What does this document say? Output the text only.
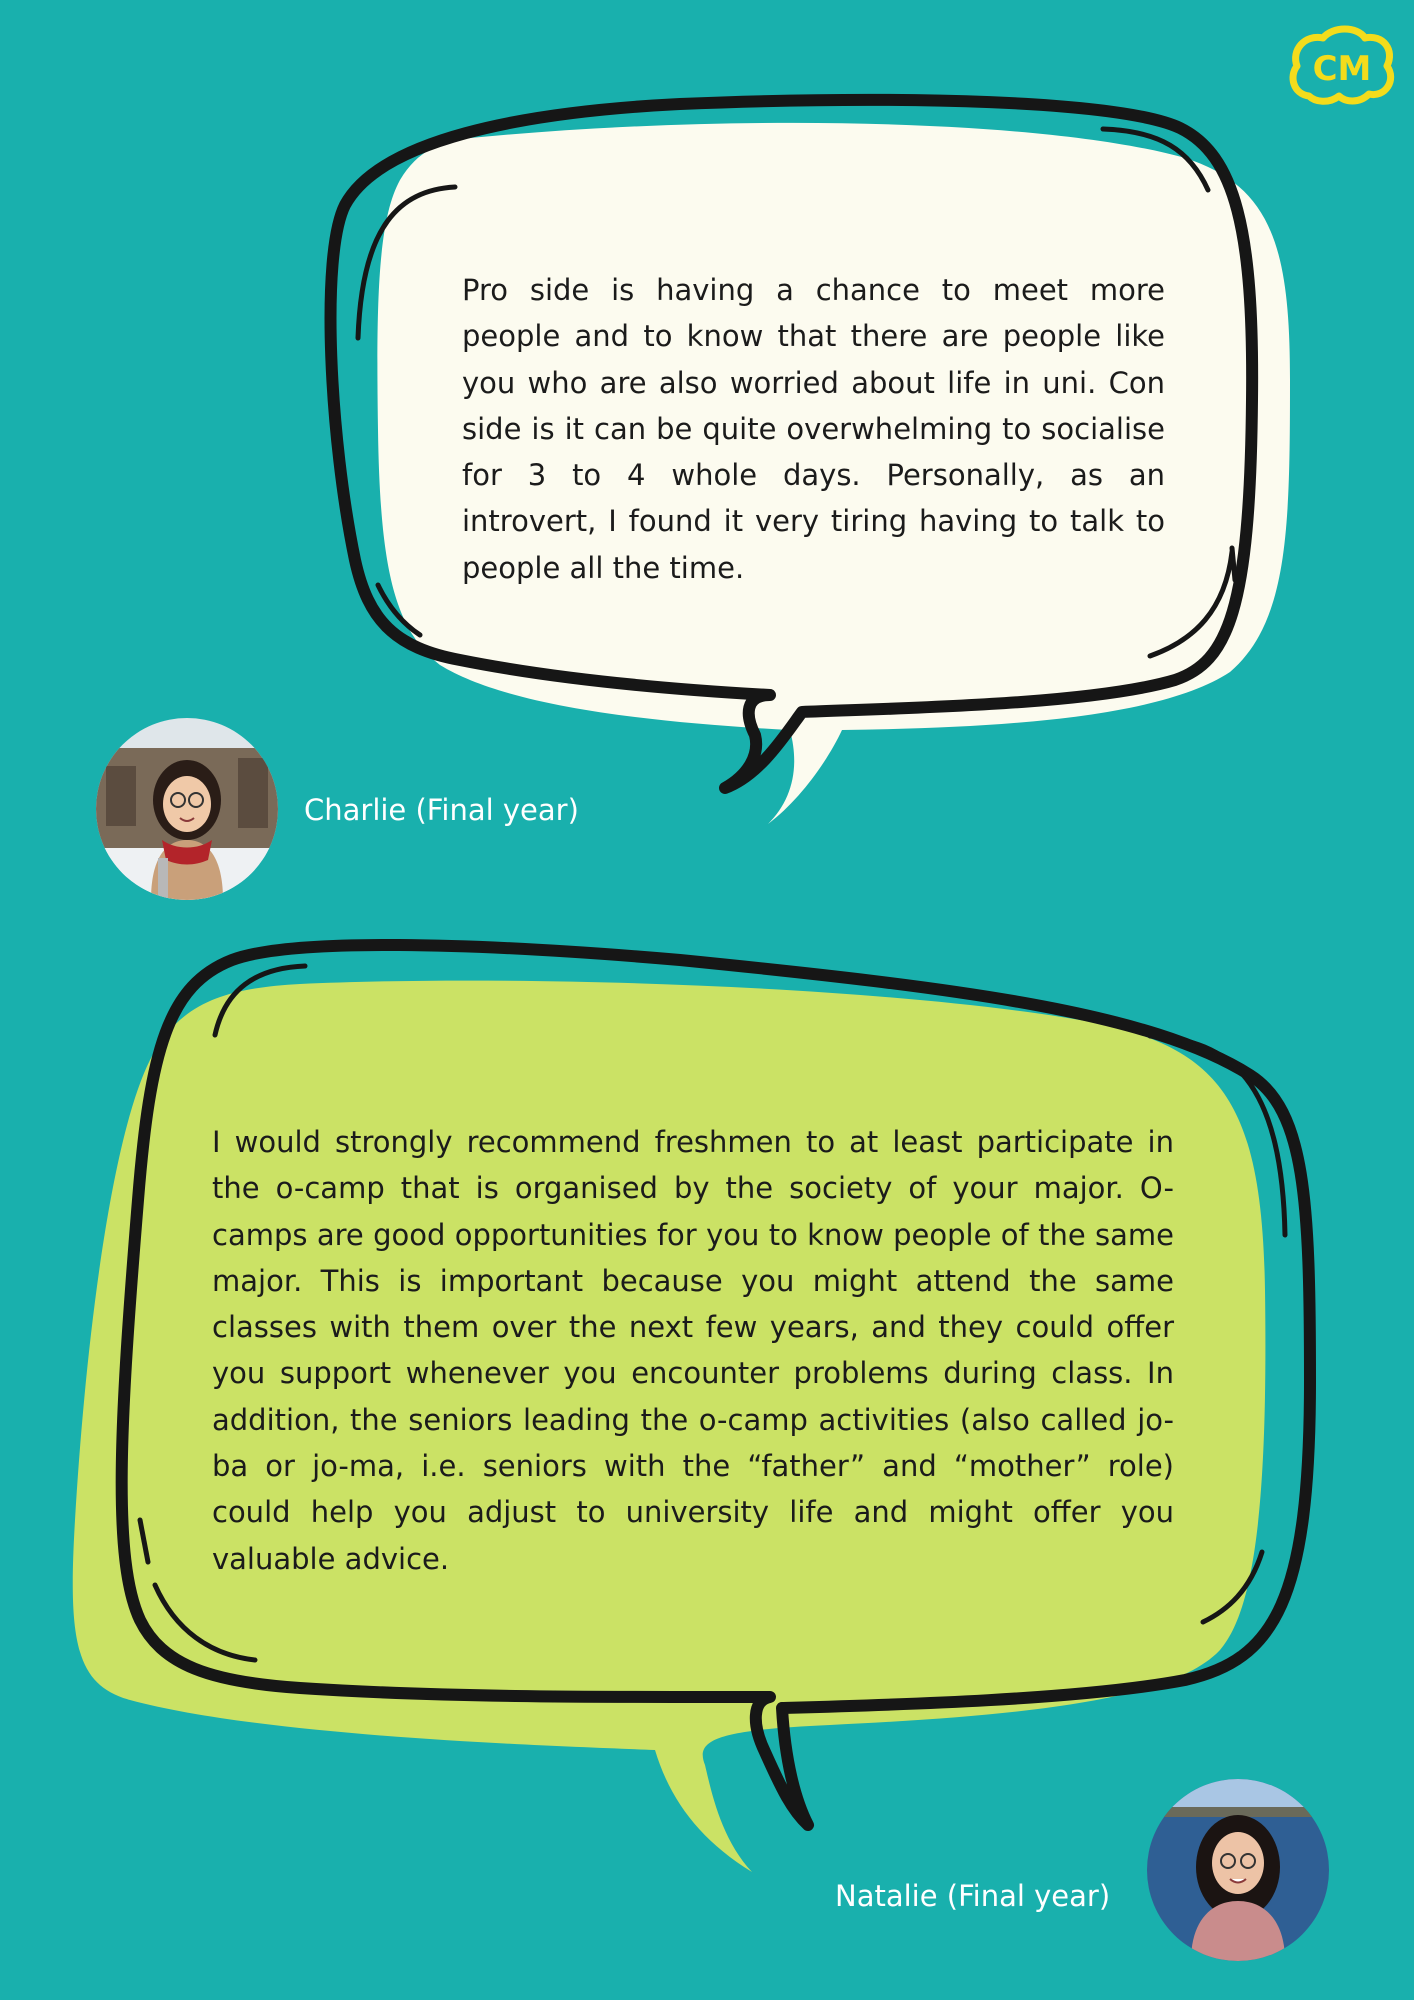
CM

Pro side is having a chance to meet more people and to know that there are people like you who are also worried about life in uni. Con side is it can be quite overwhelming to socialise for 3 to 4 whole days. Personally, as an introvert, I found it very tiring having to talk to people all the time.

Charlie (Final year)

I would strongly recommend freshmen to at least participate in the o-camp that is organised by the society of your major. O-camps are good opportunities for you to know people of the same major. This is important because you might attend the same classes with them over the next few years, and they could offer you support whenever you encounter problems during class. In addition, the seniors leading the o-camp activities (also called jo-ba or jo-ma, i.e. seniors with the “father” and “mother” role) could help you adjust to university life and might offer you valuable advice.

Natalie (Final year)
